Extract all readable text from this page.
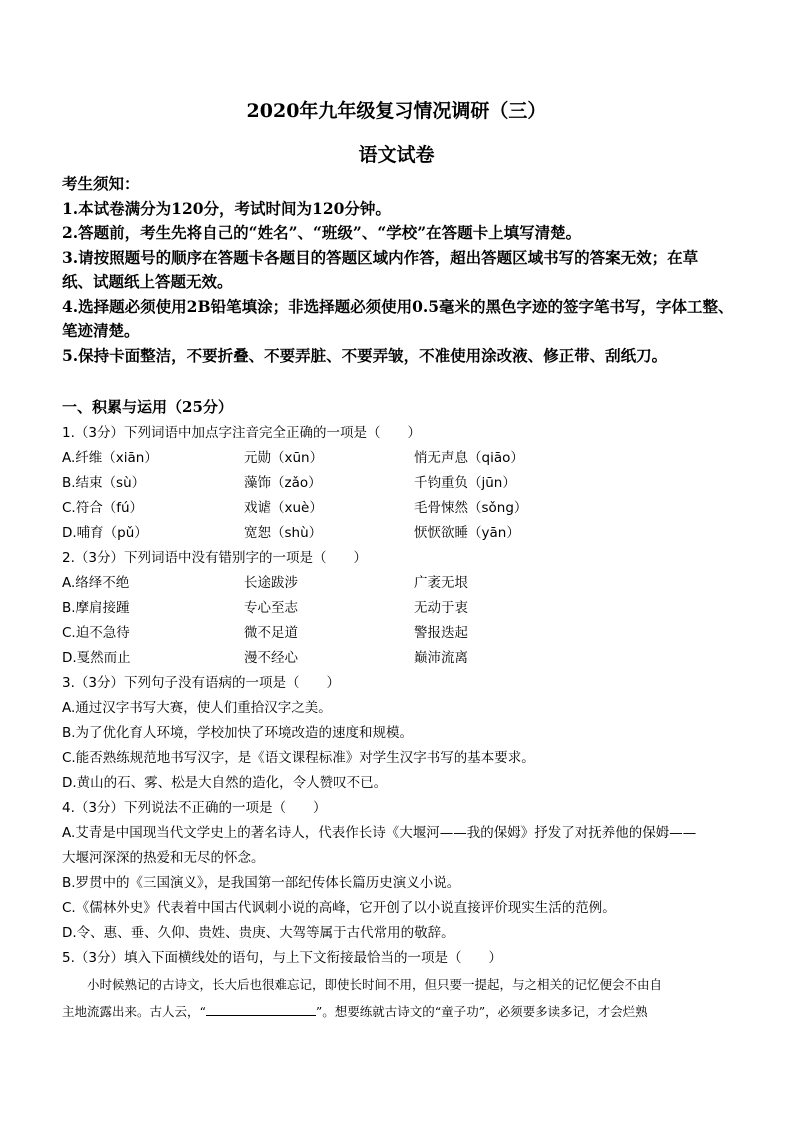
2020年九年级复习情况调研（三）
语文试卷
考生须知：
1.本试卷满分为120分，考试时间为120分钟。
2.答题前，考生先将自己的“姓名”、“班级”、“学校”在答题卡上填写清楚。
3.请按照题号的顺序在答题卡各题目的答题区域内作答，超出答题区域书写的答案无效；在草
纸、试题纸上答题无效。
4.选择题必须使用2B铅笔填涂；非选择题必须使用0.5毫米的黑色字迹的签字笔书写，字体工整、
笔迹清楚。
5.保持卡面整洁，不要折叠、不要弄脏、不要弄皱，不准使用涂改液、修正带、刮纸刀。
一、积累与运用（25分）
1.（3分）下列词语中加点字注音完全正确的一项是（　　）
A.纤维（xiān）	元勋（xūn）	悄无声息（qiāo）
B.结束（sù）	藻饰（zǎo）	千钧重负（jūn）
C.符合（fú）	戏谑（xuè）	毛骨悚然（sǒng）
D.哺育（pǔ）	宽恕（shù）	恹恹欲睡（yān）
2.（3分）下列词语中没有错别字的一项是（　　）
A.络绎不绝	长途跋涉	广袤无垠
B.摩肩接踵	专心至志	无动于衷
C.迫不急待	微不足道	警报迭起
D.戛然而止	漫不经心	巅沛流离
3.（3分）下列句子没有语病的一项是（　　）
A.通过汉字书写大赛，使人们重拾汉字之美。
B.为了优化育人环境，学校加快了环境改造的速度和规模。
C.能否熟练规范地书写汉字，是《语文课程标准》对学生汉字书写的基本要求。
D.黄山的石、雾、松是大自然的造化，令人赞叹不已。
4.（3分）下列说法不正确的一项是（　　）
A.艾青是中国现当代文学史上的著名诗人，代表作长诗《大堰河——我的保姆》抒发了对抚养他的保姆——
大堰河深深的热爱和无尽的怀念。
B.罗贯中的《三国演义》，是我国第一部纪传体长篇历史演义小说。
C.《儒林外史》代表着中国古代讽刺小说的高峰，它开创了以小说直接评价现实生活的范例。
D.令、惠、垂、久仰、贵姓、贵庚、大驾等属于古代常用的敬辞。
5.（3分）填入下面横线处的语句，与上下文衔接最恰当的一项是（　　）
小时候熟记的古诗文，长大后也很难忘记，即使长时间不用，但只要一提起，与之相关的记忆便会不由自
主地流露出来。古人云，“	”。想要练就古诗文的“童子功”，必须要多读多记，才会烂熟
